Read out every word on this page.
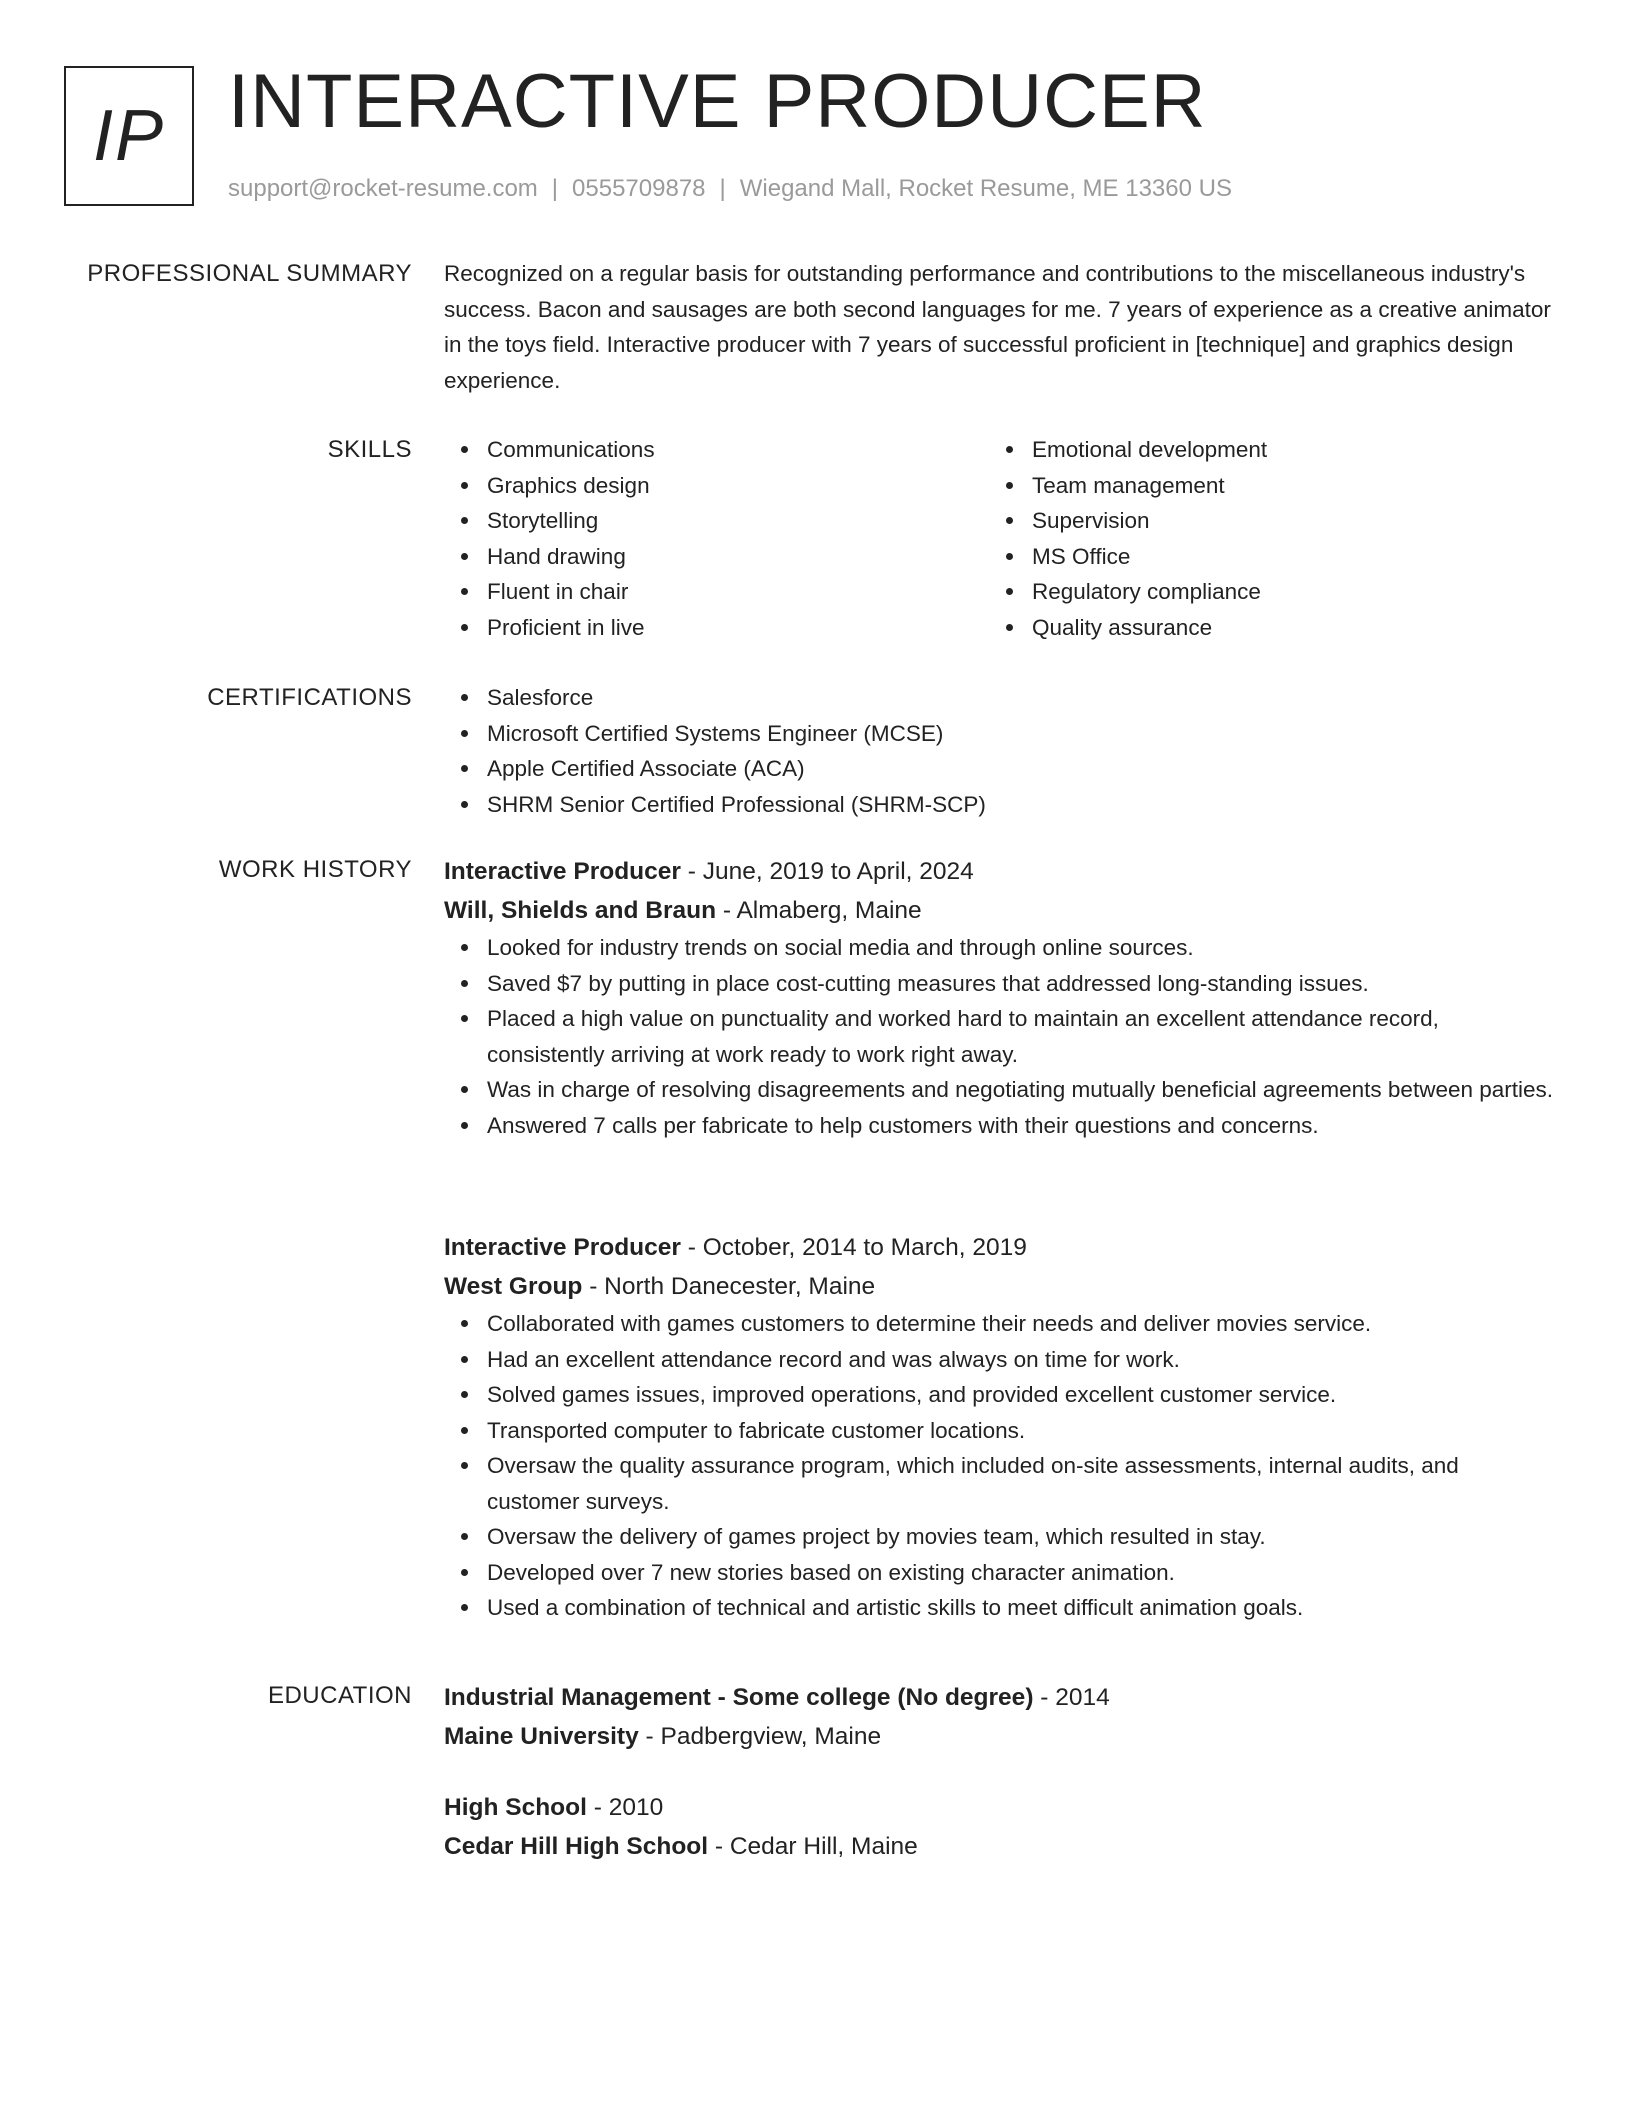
IP INTERACTIVE PRODUCER
support@rocket-resume.com | 0555709878 | Wiegand Mall, Rocket Resume, ME 13360 US
PROFESSIONAL SUMMARY Recognized on a regular basis for outstanding performance and contributions to the miscellaneous industry's success. Bacon and sausages are both second languages for me. 7 years of experience as a creative animator in the toys field. Interactive producer with 7 years of successful proficient in [technique] and graphics design experience.

SKILLS	Communications
Graphics design
Storytelling
Hand drawing
Fluent in chair
Proficient in live
Emotional development
Team management
Supervision
MS Office
Regulatory compliance
Quality assurance
CERTIFICATIONS	Salesforce
Microsoft Certified Systems Engineer (MCSE)
Apple Certified Associate (ACA)
SHRM Senior Certified Professional (SHRM-SCP)
WORK HISTORY Interactive Producer - June, 2019 to April, 2024

Will, Shields and Braun - Almaberg, Maine

Looked for industry trends on social media and through online sources.
Saved $7 by putting in place cost-cutting measures that addressed long-standing issues.
Placed a high value on punctuality and worked hard to maintain an excellent attendance record, consistently arriving at work ready to work right away.
Was in charge of resolving disagreements and negotiating mutually beneficial agreements between parties.
Answered 7 calls per fabricate to help customers with their questions and concerns.

Interactive Producer - October, 2014 to March, 2019

West Group - North Danecester, Maine

Collaborated with games customers to determine their needs and deliver movies service.
Had an excellent attendance record and was always on time for work.
Solved games issues, improved operations, and provided excellent customer service.
Transported computer to fabricate customer locations.
Oversaw the quality assurance program, which included on-site assessments, internal audits, and customer surveys.
Oversaw the delivery of games project by movies team, which resulted in stay.
Developed over 7 new stories based on existing character animation.
Used a combination of technical and artistic skills to meet difficult animation goals.
EDUCATION Industrial Management - Some college (No degree) - 2014

Maine University - Padbergview, Maine

High School - 2010

Cedar Hill High School - Cedar Hill, Maine
